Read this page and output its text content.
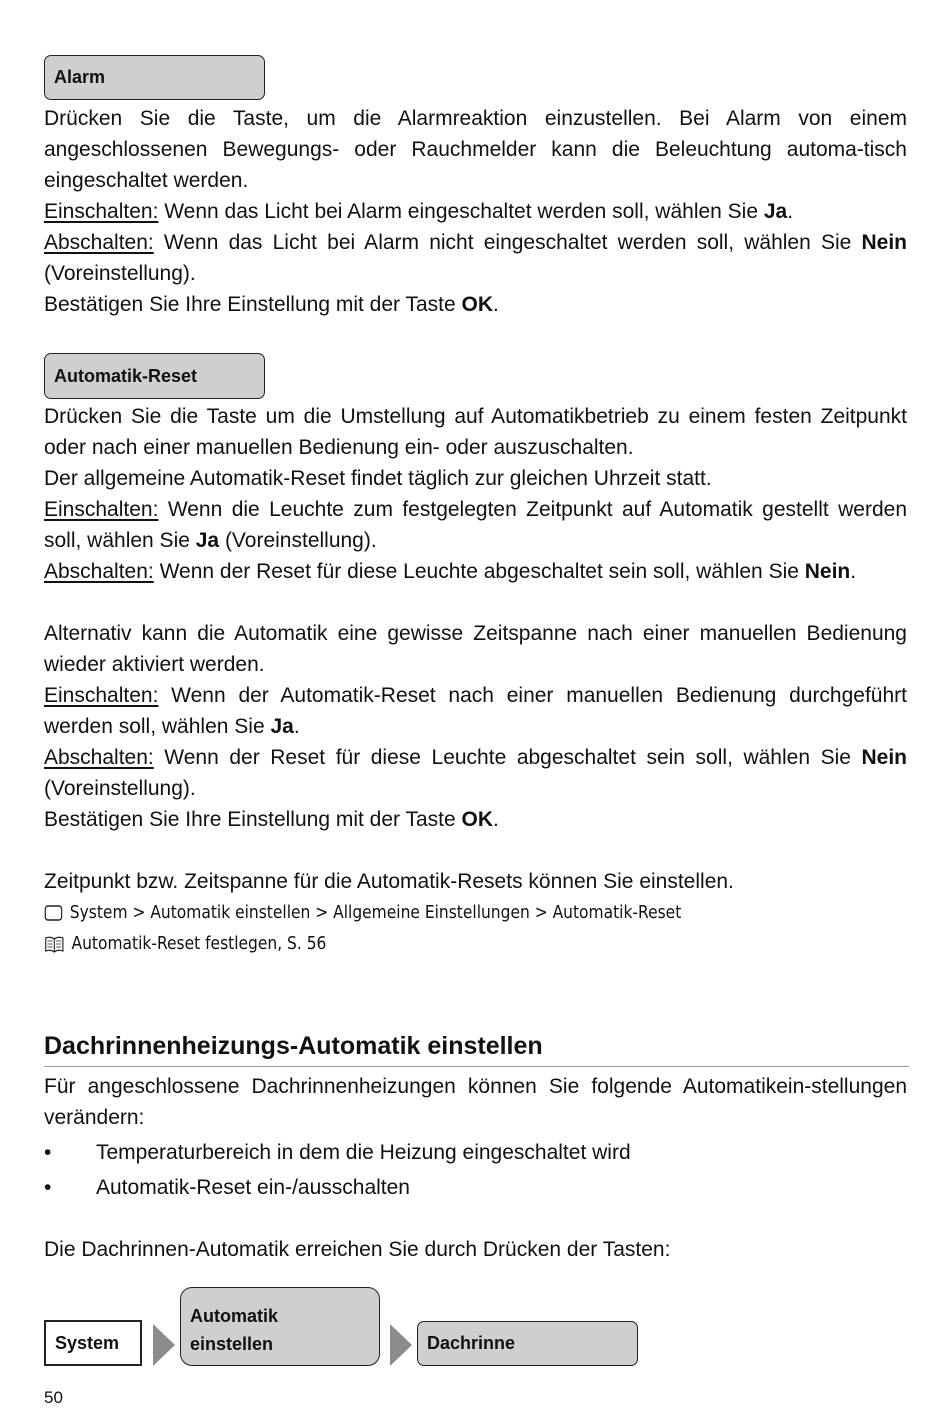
Alarm

Drücken Sie die Taste, um die Alarmreaktion einzustellen. Bei Alarm von einem angeschlossenen Bewegungs- oder Rauchmelder kann die Beleuchtung automa-tisch eingeschaltet werden.

Einschalten: Wenn das Licht bei Alarm eingeschaltet werden soll, wählen Sie Ja.

Abschalten: Wenn das Licht bei Alarm nicht eingeschaltet werden soll, wählen Sie Nein (Voreinstellung).

Bestätigen Sie Ihre Einstellung mit der Taste OK.

Automatik-Reset

Drücken Sie die Taste um die Umstellung auf Automatikbetrieb zu einem festen Zeitpunkt oder nach einer manuellen Bedienung ein- oder auszuschalten.

Der allgemeine Automatik-Reset findet täglich zur gleichen Uhrzeit statt.

Einschalten: Wenn die Leuchte zum festgelegten Zeitpunkt auf Automatik gestellt werden soll, wählen Sie Ja (Voreinstellung).

Abschalten: Wenn der Reset für diese Leuchte abgeschaltet sein soll, wählen Sie Nein.

Alternativ kann die Automatik eine gewisse Zeitspanne nach einer manuellen Bedienung wieder aktiviert werden.

Einschalten: Wenn der Automatik-Reset nach einer manuellen Bedienung durchgeführt werden soll, wählen Sie Ja.

Abschalten: Wenn der Reset für diese Leuchte abgeschaltet sein soll, wählen Sie Nein (Voreinstellung).

Bestätigen Sie Ihre Einstellung mit der Taste OK.

Zeitpunkt bzw. Zeitspanne für die Automatik-Resets können Sie einstellen.

System > Automatik einstellen > Allgemeine Einstellungen > Automatik-Reset
Automatik-Reset festlegen, S. 56
Dachrinnenheizungs-Automatik einstellen

Für angeschlossene Dachrinnenheizungen können Sie folgende Automatikein-stellungen verändern:

• Temperaturbereich in dem die Heizung eingeschaltet wird
• Automatik-Reset ein-/ausschalten

Die Dachrinnen-Automatik erreichen Sie durch Drücken der Tasten:

System
Automatik einstellen	Dachrinne
50
